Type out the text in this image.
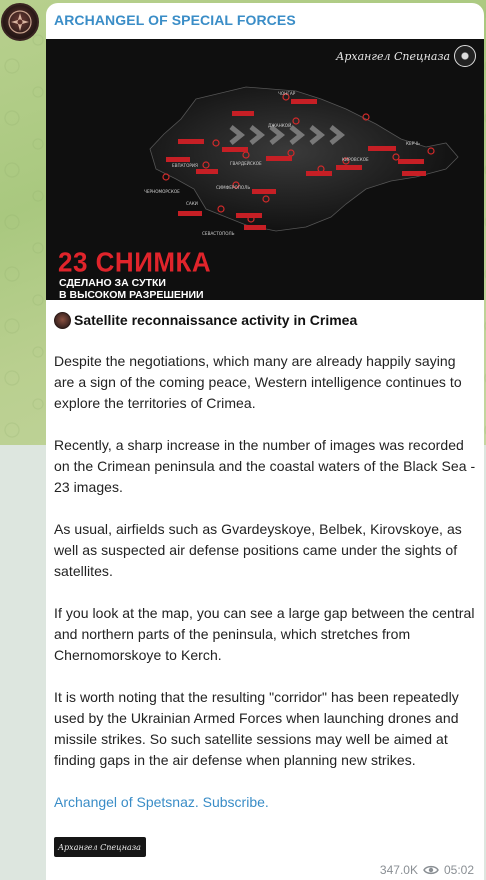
ARCHANGEL OF SPECIAL FORCES
ЧОНГАР
ДЖАНКОЙ
КЕРЧЬ
ЕВПАТОРИЯ	ГВАРДЕЙСКОЕ
СИМФЕРОПОЛЬ
КИРОВСКОЕ
САКИ
СЕВАСТОПОЛЬ
ЧЕРНОМОРСКОЕ
Архангел Спецназа
23 СНИМКА
СДЕЛАНО ЗА СУТКИ
В ВЫСОКОМ РАЗРЕШЕНИИ
Satellite reconnaissance activity in Crimea

Despite the negotiations, which many are already happily saying are a sign of the coming peace, Western intelligence continues to explore the territories of Crimea.

Recently, a sharp increase in the number of images was recorded on the Crimean peninsula and the coastal waters of the Black Sea - 23 images.

As usual, airfields such as Gvardeyskoye, Belbek, Kirovskoye, as well as suspected air defense positions came under the sights of satellites.

If you look at the map, you can see a large gap between the central and northern parts of the peninsula, which stretches from Chernomorskoye to Kerch.

It is worth noting that the resulting "corridor" has been repeatedly used by the Ukrainian Armed Forces when launching drones and missile strikes. So such satellite sessions may well be aimed at finding gaps in the air defense when planning new strikes.

Archangel of Spetsnaz. Subscribe.

Архангел Спецназа
347.0K 05:02
